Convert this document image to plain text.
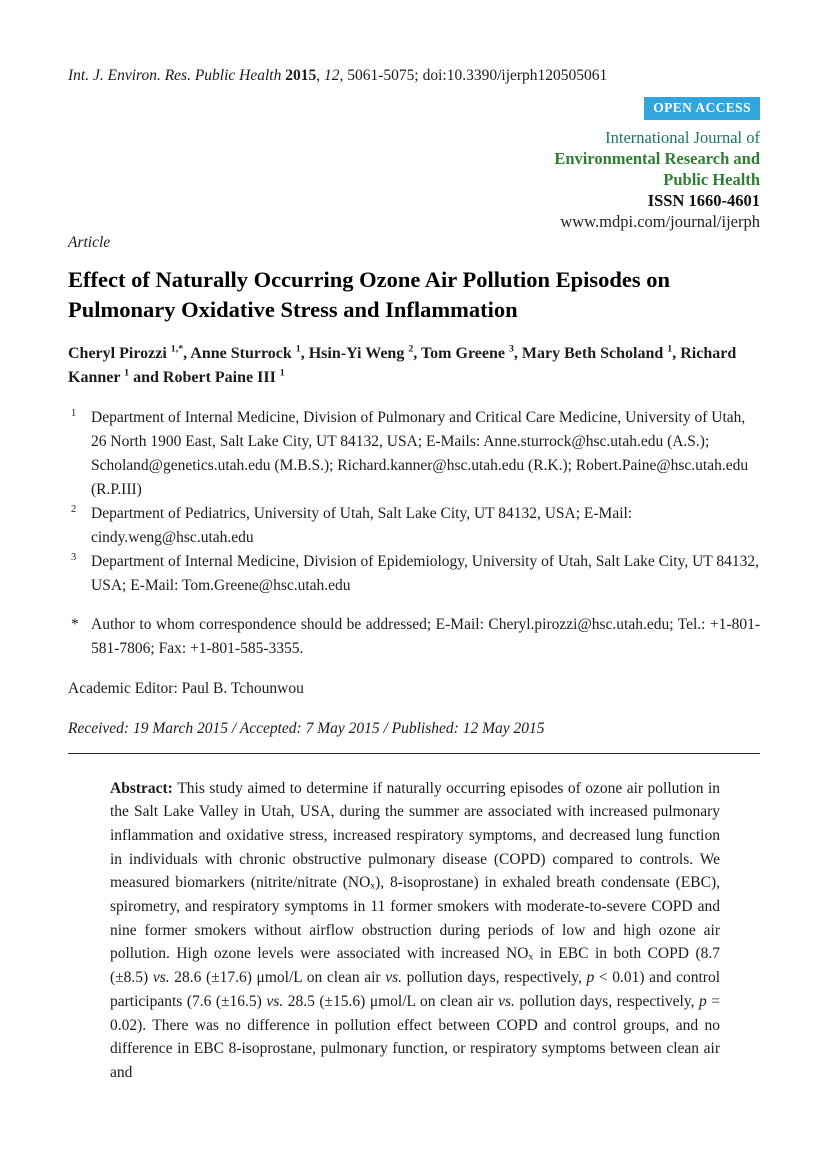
Int. J. Environ. Res. Public Health 2015, 12, 5061-5075; doi:10.3390/ijerph120505061

OPEN ACCESS
International Journal of
Environmental Research and
Public Health
ISSN 1660-4601
www.mdpi.com/journal/ijerph

Article

Effect of Naturally Occurring Ozone Air Pollution Episodes on Pulmonary Oxidative Stress and Inflammation

Cheryl Pirozzi $^{1,*}$, Anne Sturrock $^1$, Hsin-Yi Weng $^2$, Tom Greene $^3$, Mary Beth Scholand $^1$, Richard Kanner $^1$ and Robert Paine III $^1$

1 Department of Internal Medicine, Division of Pulmonary and Critical Care Medicine, University of Utah, 26 North 1900 East, Salt Lake City, UT 84132, USA; E-Mails: Anne.sturrock@hsc.utah.edu (A.S.); Scholand@genetics.utah.edu (M.B.S.); Richard.kanner@hsc.utah.edu (R.K.); Robert.Paine@hsc.utah.edu (R.P.III)
2 Department of Pediatrics, University of Utah, Salt Lake City, UT 84132, USA; E-Mail: cindy.weng@hsc.utah.edu
3 Department of Internal Medicine, Division of Epidemiology, University of Utah, Salt Lake City, UT 84132, USA; E-Mail: Tom.Greene@hsc.utah.edu
* Author to whom correspondence should be addressed; E-Mail: Cheryl.pirozzi@hsc.utah.edu; Tel.: +1-801-581-7806; Fax: +1-801-585-3355.

Academic Editor: Paul B. Tchounwou

Received: 19 March 2015 / Accepted: 7 May 2015 / Published: 12 May 2015

Abstract: This study aimed to determine if naturally occurring episodes of ozone air pollution in the Salt Lake Valley in Utah, USA, during the summer are associated with increased pulmonary inflammation and oxidative stress, increased respiratory symptoms, and decreased lung function in individuals with chronic obstructive pulmonary disease (COPD) compared to controls. We measured biomarkers (nitrite/nitrate $(NO_x)$, 8-isoprostane) in exhaled breath condensate (EBC), spirometry, and respiratory symptoms in 11 former smokers with moderate-to-severe COPD and nine former smokers without airflow obstruction during periods of low and high ozone air pollution. High ozone levels were associated with increased $NO_x$ in EBC in both COPD (8.7 (±8.5) vs. 28.6 (±17.6) μmol/L on clean air vs. pollution days, respectively, p < 0.01) and control participants (7.6 (±16.5) vs. 28.5 (±15.6) μmol/L on clean air vs. pollution days, respectively, p = 0.02). There was no difference in pollution effect between COPD and control groups, and no difference in EBC 8-isoprostane, pulmonary function, or respiratory symptoms between clean air and
